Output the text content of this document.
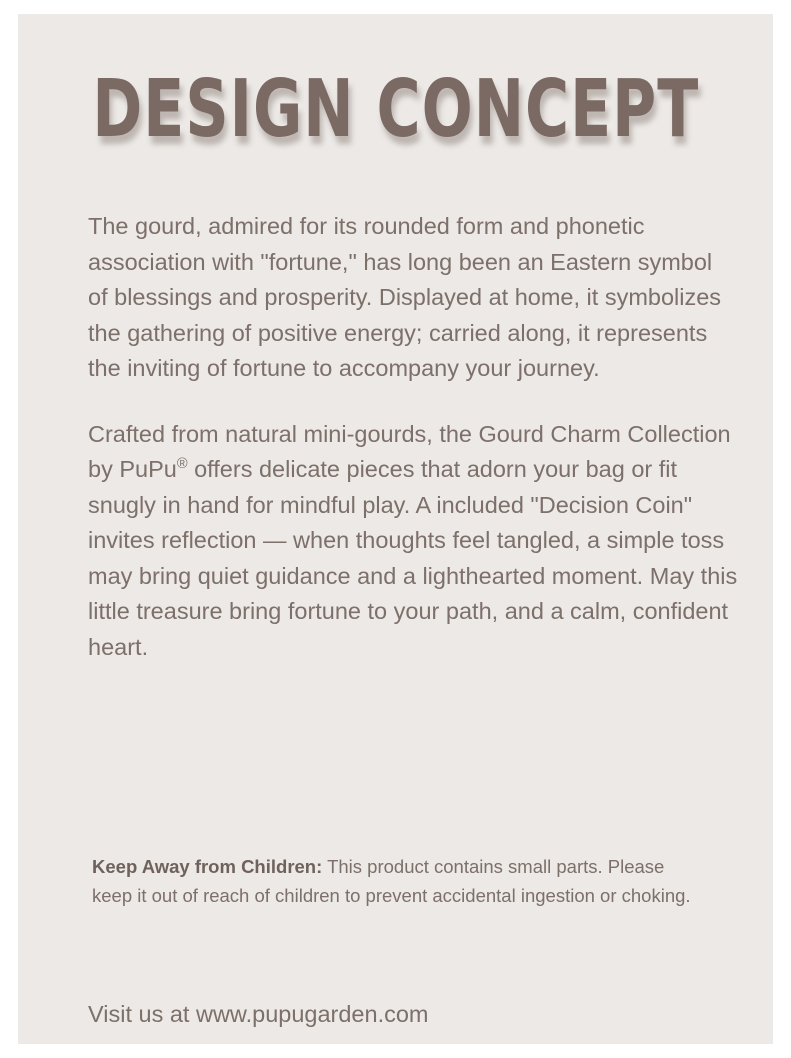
DESIGN CONCEPT

The gourd, admired for its rounded form and phonetic association with "fortune," has long been an Eastern symbol of blessings and prosperity. Displayed at home, it symbolizes the gathering of positive energy; carried along, it represents the inviting of fortune to accompany your journey.

Crafted from natural mini-gourds, the Gourd Charm Collection by PuPu® offers delicate pieces that adorn your bag or fit snugly in hand for mindful play. A included "Decision Coin" invites reflection — when thoughts feel tangled, a simple toss may bring quiet guidance and a lighthearted moment. May this little treasure bring fortune to your path, and a calm, confident heart.

Keep Away from Children: This product contains small parts. Please keep it out of reach of children to prevent accidental ingestion or choking.
Visit us at www.pupugarden.com
